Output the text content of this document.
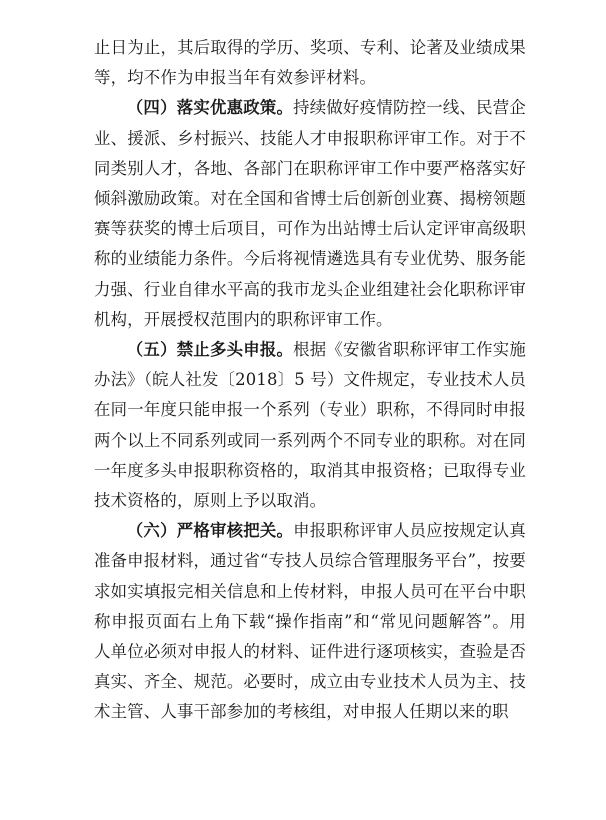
止日为止，其后取得的学历、奖项、专利、论著及业绩成果等，均不作为申报当年有效参评材料。

（四）落实优惠政策。持续做好疫情防控一线、民营企业、援派、乡村振兴、技能人才申报职称评审工作。对于不同类别人才，各地、各部门在职称评审工作中要严格落实好倾斜激励政策。对在全国和省博士后创新创业赛、揭榜领题赛等获奖的博士后项目，可作为出站博士后认定评审高级职称的业绩能力条件。今后将视情遴选具有专业优势、服务能力强、行业自律水平高的我市龙头企业组建社会化职称评审机构，开展授权范围内的职称评审工作。

（五）禁止多头申报。根据《安徽省职称评审工作实施办法》（皖人社发〔2018〕5 号）文件规定，专业技术人员在同一年度只能申报一个系列（专业）职称，不得同时申报两个以上不同系列或同一系列两个不同专业的职称。对在同一年度多头申报职称资格的，取消其申报资格；已取得专业技术资格的，原则上予以取消。

（六）严格审核把关。申报职称评审人员应按规定认真准备申报材料，通过省“专技人员综合管理服务平台”，按要求如实填报完相关信息和上传材料，申报人员可在平台中职称申报页面右上角下载“操作指南”和“常见问题解答”。用人单位必须对申报人的材料、证件进行逐项核实，查验是否真实、齐全、规范。必要时，成立由专业技术人员为主、技术主管、人事干部参加的考核组，对申报人任期以来的职
